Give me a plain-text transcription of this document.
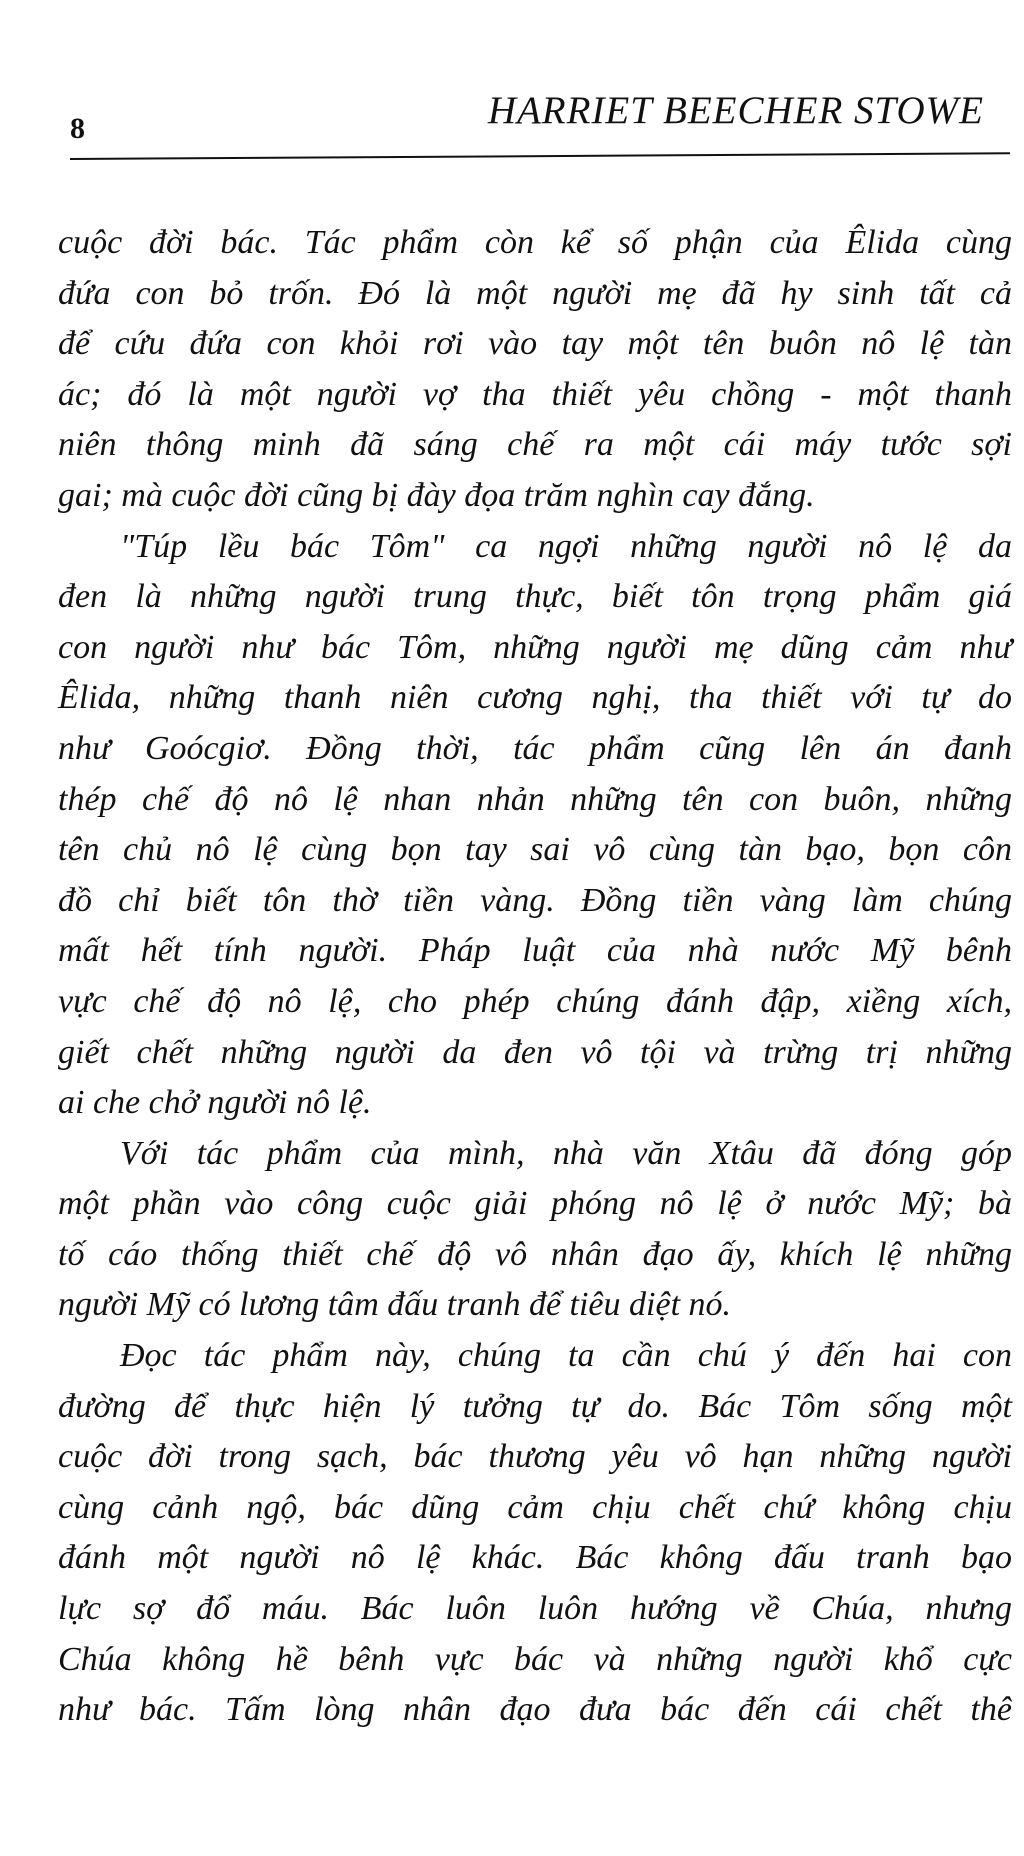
8	HARRIET BEECHER STOWE
cuộc đời bác. Tác phẩm còn kể số phận của Êlida cùng
đứa con bỏ trốn. Đó là một người mẹ đã hy sinh tất cả
để cứu đứa con khỏi rơi vào tay một tên buôn nô lệ tàn
ác; đó là một người vợ tha thiết yêu chồng - một thanh
niên thông minh đã sáng chế ra một cái máy tước sợi
gai; mà cuộc đời cũng bị đày đọa trăm nghìn cay đắng.
"Túp lều bác Tôm" ca ngợi những người nô lệ da
đen là những người trung thực, biết tôn trọng phẩm giá
con người như bác Tôm, những người mẹ dũng cảm như
Êlida, những thanh niên cương nghị, tha thiết với tự do
như Goócgiơ. Đồng thời, tác phẩm cũng lên án đanh
thép chế độ nô lệ nhan nhản những tên con buôn, những
tên chủ nô lệ cùng bọn tay sai vô cùng tàn bạo, bọn côn
đồ chỉ biết tôn thờ tiền vàng. Đồng tiền vàng làm chúng
mất hết tính người. Pháp luật của nhà nước Mỹ bênh
vực chế độ nô lệ, cho phép chúng đánh đập, xiềng xích,
giết chết những người da đen vô tội và trừng trị những
ai che chở người nô lệ.
Với tác phẩm của mình, nhà văn Xtâu đã đóng góp
một phần vào công cuộc giải phóng nô lệ ở nước Mỹ; bà
tố cáo thống thiết chế độ vô nhân đạo ấy, khích lệ những
người Mỹ có lương tâm đấu tranh để tiêu diệt nó.
Đọc tác phẩm này, chúng ta cần chú ý đến hai con
đường để thực hiện lý tưởng tự do. Bác Tôm sống một
cuộc đời trong sạch, bác thương yêu vô hạn những người
cùng cảnh ngộ, bác dũng cảm chịu chết chứ không chịu
đánh một người nô lệ khác. Bác không đấu tranh bạo
lực sợ đổ máu. Bác luôn luôn hướng về Chúa, nhưng
Chúa không hề bênh vực bác và những người khổ cực
như bác. Tấm lòng nhân đạo đưa bác đến cái chết thê
